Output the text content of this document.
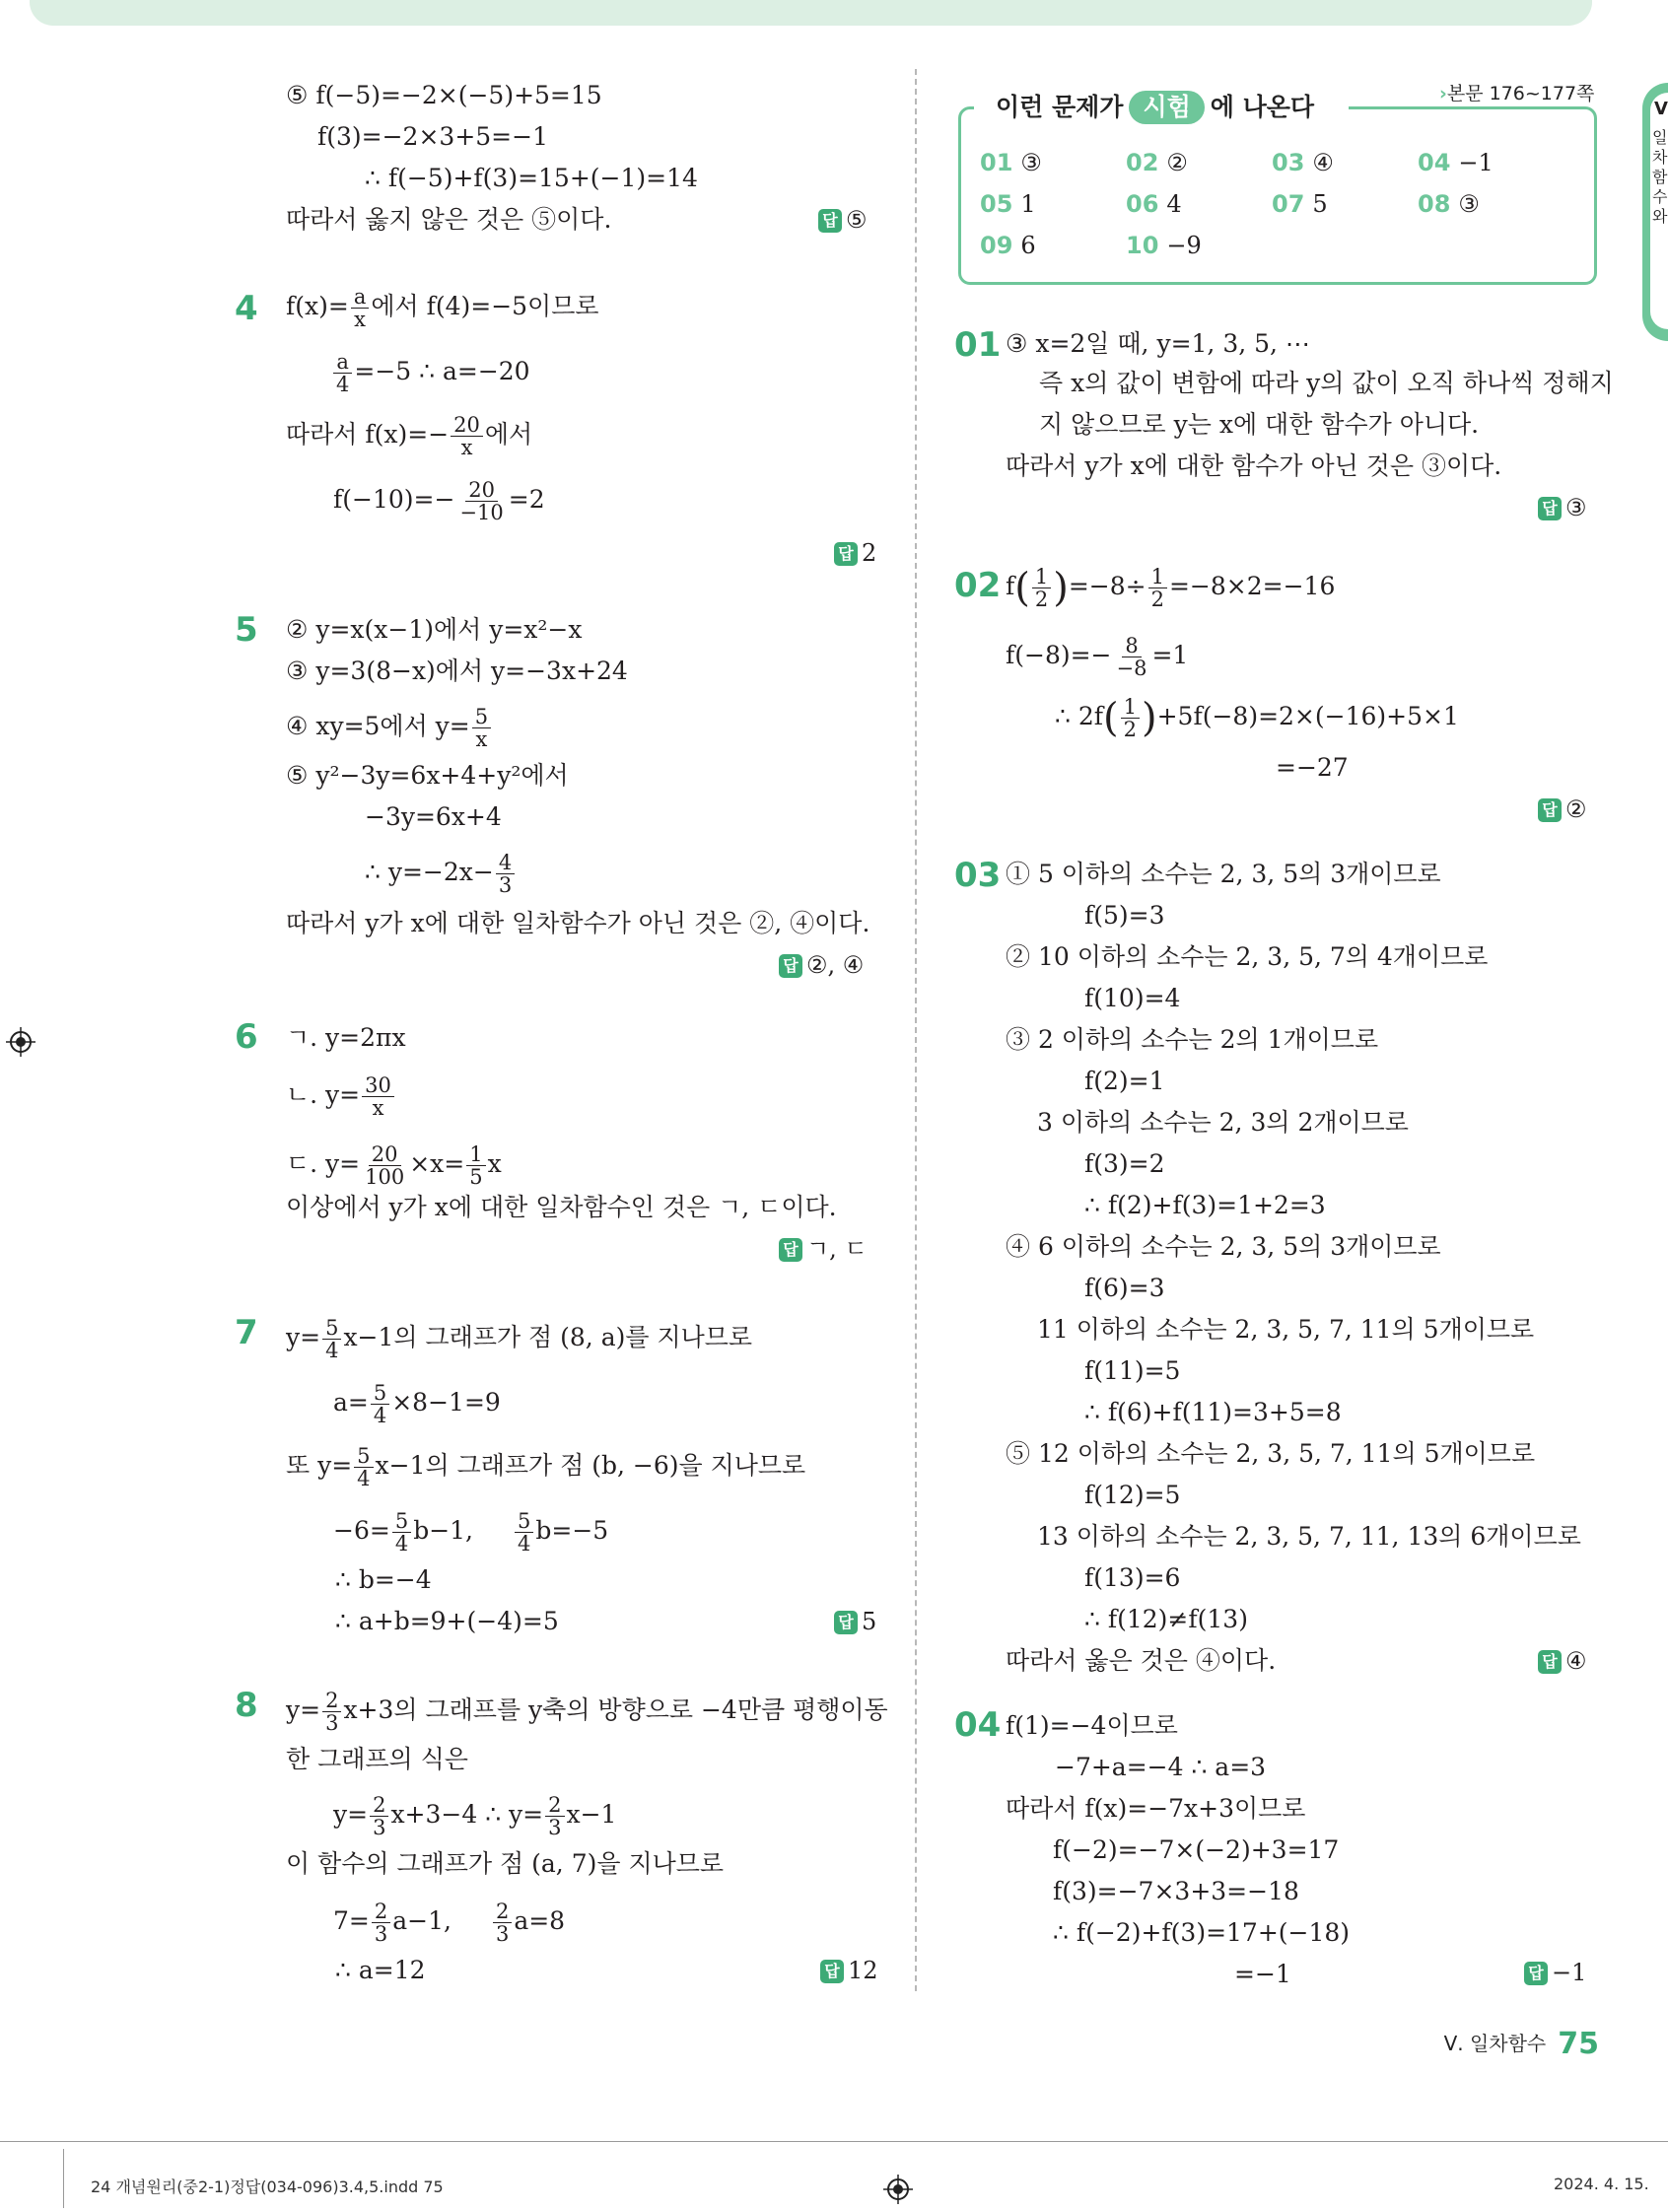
Ⅴ
일차함수와
⑤ f(−5)=−2×(−5)+5=15
f(3)=−2×3+5=−1
∴ f(−5)+f(3)=15+(−1)=14
따라서 옳지 않은 것은 ⑤이다.	답 ⑤
4 $f(x)= \frac{a}{x}$ 에서 f(4)=−5이므로
$\frac{a}{4} =-5$ ∴ a=−20
따라서 $f(x)=- \frac{20}{x}$ 에서
$f(-10)=- \frac{20}{-10} =2$
답 2
5 ② y=x(x−1)에서 y=x²−x
③ y=3(8−x)에서 y=−3x+24
④ xy=5에서 $y= \frac{5}{x}$
⑤ y²−3y=6x+4+y²에서
−3y=6x+4
∴ $y=-2x- \frac{4}{3}$
따라서 y가 x에 대한 일차함수가 아닌 것은 ②, ④이다.
답 ②, ④
6 ㄱ. y=2πx
ㄴ. $y= \frac{30}{x}$
ㄷ. $y= \frac{20}{100} \times x= \frac{1}{5}$ x
이상에서 y가 x에 대한 일차함수인 것은 ㄱ, ㄷ이다.
답 ㄱ, ㄷ
7 $y= \frac{5}{4} x-1$의 그래프가 점 (8, a)를 지나므로
$a= \frac{5}{4} \times 8-1=9$
또 $y= \frac{5}{4} x-1$의 그래프가 점 (b, −6)을 지나므로
$-6= \frac{5}{4} b-1$, $\frac{5}{4} b=-5$
∴ b=−4
∴ a+b=9+(−4)=5	답 5
8 $y= \frac{2}{3} x+3$의 그래프를 y축의 방향으로 −4만큼 평행이동
한 그래프의 식은
$y= \frac{2}{3} x+3-4$ ∴ $y= \frac{2}{3} x-1$
이 함수의 그래프가 점 (a, 7)을 지나므로
$7= \frac{2}{3} a-1$, $\frac{2}{3} a=8$
∴ a=12	답 12
이런 문제가 시험 에 나온다	›본문 176~177쪽
01 ③	02 ②	03 ④	04 −1
05 1	06 4	07 5	08 ③
09 6	10 −9
01 ③ x=2일 때, y=1, 3, 5, ⋯
즉 x의 값이 변함에 따라 y의 값이 오직 하나씩 정해지
지 않으므로 y는 x에 대한 함수가 아니다.
따라서 y가 x에 대한 함수가 아닌 것은 ③이다.
답 ③
02 $f( \frac{1}{2} )=-8\div \frac{1}{2} =-8\times 2=-16$
$f(-8)=- \frac{8}{-8} =1$
∴ $2f( \frac{1}{2} )+5f(-8)=2\times(-16)+5\times 1$
=−27
답 ②
03 ① 5 이하의 소수는 2, 3, 5의 3개이므로
f(5)=3
② 10 이하의 소수는 2, 3, 5, 7의 4개이므로
f(10)=4
③ 2 이하의 소수는 2의 1개이므로
f(2)=1
3 이하의 소수는 2, 3의 2개이므로
f(3)=2
∴ f(2)+f(3)=1+2=3
④ 6 이하의 소수는 2, 3, 5의 3개이므로
f(6)=3
11 이하의 소수는 2, 3, 5, 7, 11의 5개이므로
f(11)=5
∴ f(6)+f(11)=3+5=8
⑤ 12 이하의 소수는 2, 3, 5, 7, 11의 5개이므로
f(12)=5
13 이하의 소수는 2, 3, 5, 7, 11, 13의 6개이므로
f(13)=6
∴ f(12)≠f(13)
따라서 옳은 것은 ④이다.	답 ④
04 f(1)=−4이므로
−7+a=−4 ∴ a=3
따라서 f(x)=−7x+3이므로
f(−2)=−7×(−2)+3=17
f(3)=−7×3+3=−18
∴ f(−2)+f(3)=17+(−18)
=−1	답 −1
Ⅴ. 일차함수 75
24 개념원리(중2-1)정답(034-096)3.4,5.indd 75	2024. 4. 15.
